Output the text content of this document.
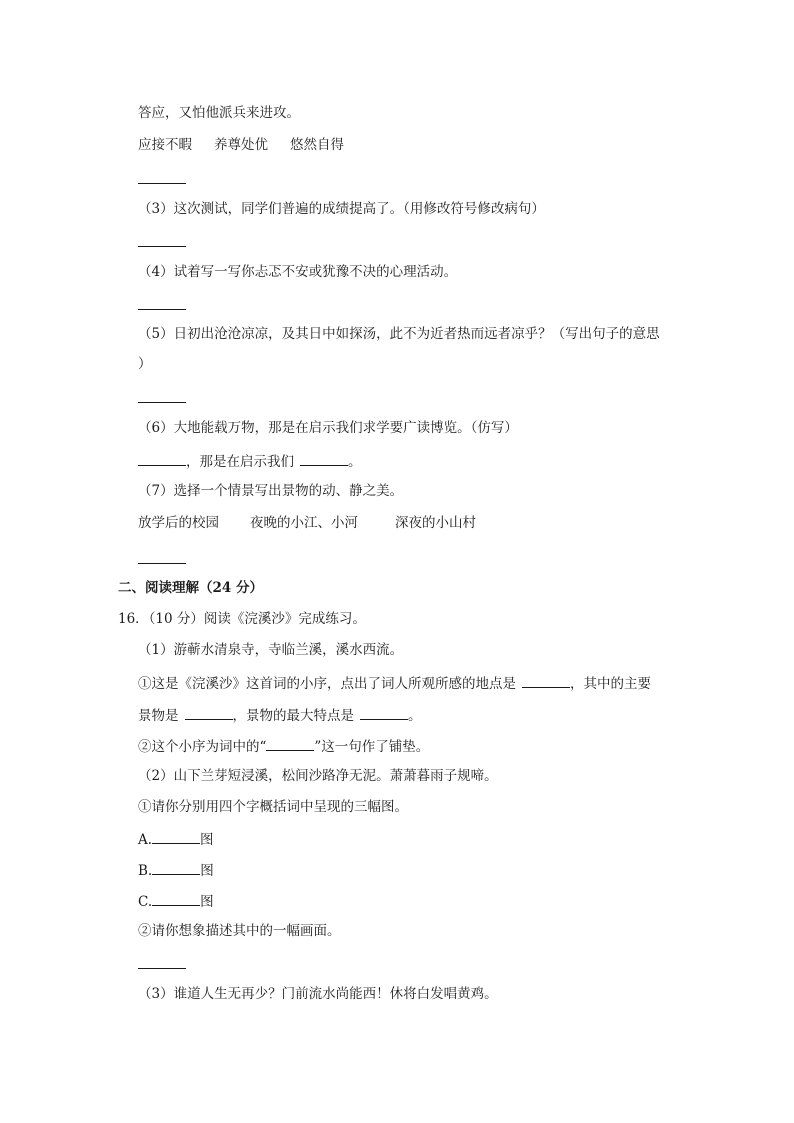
答应，又怕他派兵来进攻。
应接不暇 养尊处优 悠然自得
（3）这次测试，同学们普遍的成绩提高了。（用修改符号修改病句）
（4）试着写一写你忐忑不安或犹豫不决的心理活动。
（5）日初出沧沧凉凉，及其日中如探汤，此不为近者热而远者凉乎？（写出句子的意思
）
（6）大地能载万物，那是在启示我们求学要广读博览。（仿写）
，那是在启示我们	。
（7）选择一个情景写出景物的动、静之美。
放学后的校园 夜晚的小江、小河	深夜的小山村
二、阅读理解（24 分）
16．（10 分）阅读《浣溪沙》完成练习。
（1）游蕲水清泉寺，寺临兰溪，溪水西流。
①这是《浣溪沙》这首词的小序，点出了词人所观所感的地点是	，其中的主要
景物是	，景物的最大特点是	。
②这个小序为词中的“	”这一句作了铺垫。
（2）山下兰芽短浸溪，松间沙路净无泥。萧萧暮雨子规啼。
①请你分别用四个字概括词中呈现的三幅图。
A.	图
B.	图
C.	图
②请你想象描述其中的一幅画面。
（3）谁道人生无再少？门前流水尚能西！休将白发唱黄鸡。
